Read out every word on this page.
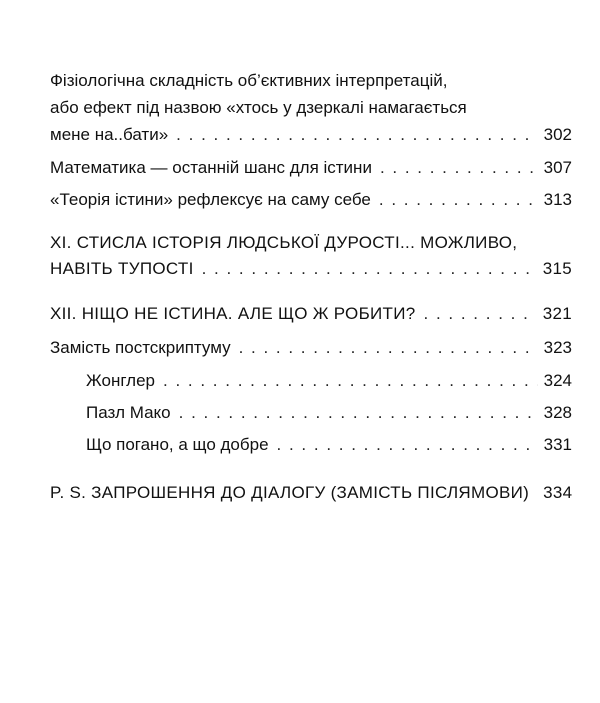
Фізіологічна складність об’єктивних інтерпретацій,
або ефект під назвою «хтось у дзеркалі намагається
мене на..бати» . . .	302
Математика — останній шанс для істини . . .	307
«Теорія істини» рефлексує на саму себе . . .	313
XI. СТИСЛА ІСТОРІЯ ЛЮДСЬКОЇ ДУРОСТІ... МОЖЛИВО,
НАВІТЬ ТУПОСТІ . . .	315
XII. НІЩО НЕ ІСТИНА. АЛЕ ЩО Ж РОБИТИ? . . .	321
Замість постскриптуму . . .	323
Жонглер . . .	324
Пазл Мако . . .	328
Що погано, а що добре . . .	331
P. S. ЗАПРОШЕННЯ ДО ДІАЛОГУ (ЗАМІСТЬ ПІСЛЯМОВИ) 334
